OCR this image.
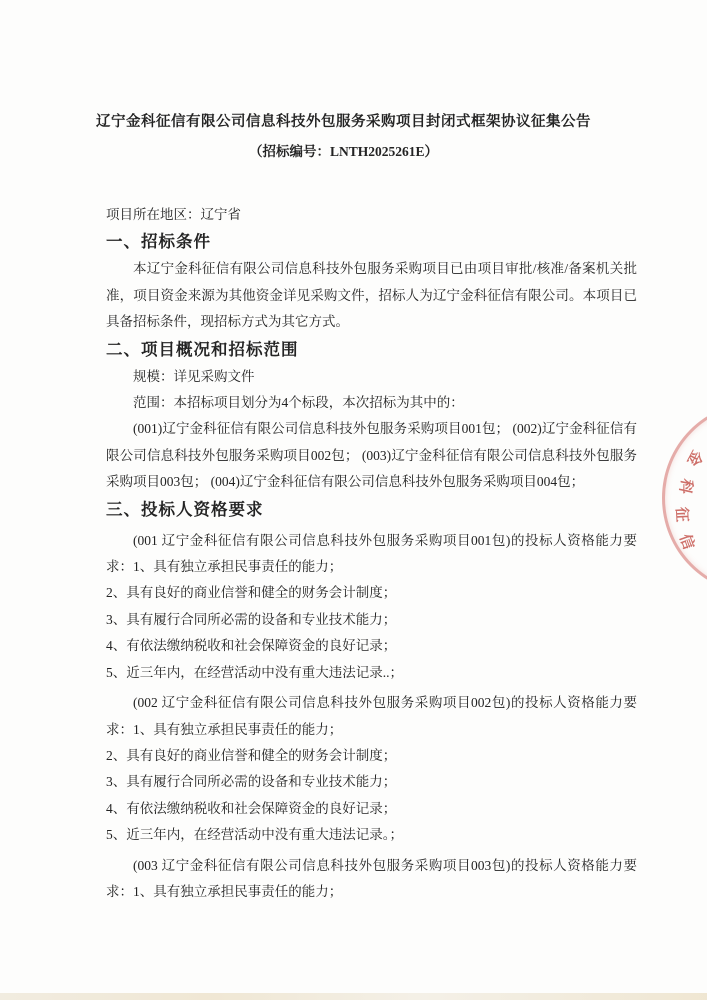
辽宁金科征信有限公司信息科技外包服务采购项目封闭式框架协议征集公告
（招标编号：LNTH2025261E）

项目所在地区：辽宁省

一、招标条件

本辽宁金科征信有限公司信息科技外包服务采购项目已由项目审批/核准/备案机关批准，项目资金来源为其他资金详见采购文件，招标人为辽宁金科征信有限公司。本项目已具备招标条件，现招标方式为其它方式。

二、项目概况和招标范围

规模：详见采购文件

范围：本招标项目划分为4个标段，本次招标为其中的：

(001)辽宁金科征信有限公司信息科技外包服务采购项目001包； (002)辽宁金科征信有限公司信息科技外包服务采购项目002包； (003)辽宁金科征信有限公司信息科技外包服务采购项目003包； (004)辽宁金科征信有限公司信息科技外包服务采购项目004包；

三、投标人资格要求

(001 辽宁金科征信有限公司信息科技外包服务采购项目001包)的投标人资格能力要求：1、具有独立承担民事责任的能力；

2、具有良好的商业信誉和健全的财务会计制度；

3、具有履行合同所必需的设备和专业技术能力；

4、有依法缴纳税收和社会保障资金的良好记录；

5、近三年内，在经营活动中没有重大违法记录..；

(002 辽宁金科征信有限公司信息科技外包服务采购项目002包)的投标人资格能力要求：1、具有独立承担民事责任的能力；

2、具有良好的商业信誉和健全的财务会计制度；

3、具有履行合同所必需的设备和专业技术能力；

4、有依法缴纳税收和社会保障资金的良好记录；

5、近三年内，在经营活动中没有重大违法记录。；

(003 辽宁金科征信有限公司信息科技外包服务采购项目003包)的投标人资格能力要求：1、具有独立承担民事责任的能力；

金
科
征
信
